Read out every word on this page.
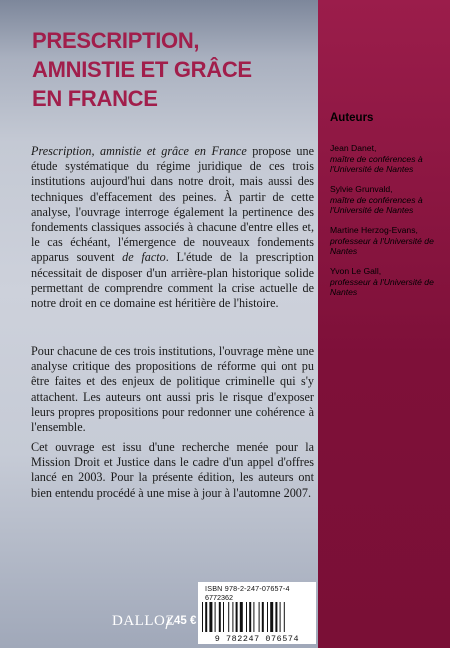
PRESCRIPTION,
AMNISTIE ET GRÂCE
EN FRANCE

Prescription, amnistie et grâce en France propose une étude systématique du régime juridique de ces trois institutions aujourd'hui dans notre droit, mais aussi des techniques d'effacement des peines. À partir de cette analyse, l'ouvrage interroge également la pertinence des fondements classiques associés à chacune d'entre elles et, le cas échéant, l'émergence de nouveaux fondements apparus souvent de facto. L'étude de la prescription nécessitait de disposer d'un arrière-plan historique solide permettant de comprendre comment la crise actuelle de notre droit en ce domaine est héritière de l'histoire.

Pour chacune de ces trois institutions, l'ouvrage mène une analyse critique des propositions de réforme qui ont pu être faites et des enjeux de politique criminelle qui s'y attachent. Les auteurs ont aussi pris le risque d'exposer leurs propres propositions pour redonner une cohérence à l'ensemble.

Cet ouvrage est issu d'une recherche menée pour la Mission Droit et Justice dans le cadre d'un appel d'offres lancé en 2003. Pour la présente édition, les auteurs ont bien entendu procédé à une mise à jour à l'automne 2007.

Auteurs
Jean Danet,
maître de conférences à l'Université de Nantes
Sylvie Grunvald,
maître de conférences à l'Université de Nantes
Martine Herzog-Evans,
professeur à l'Université de Nantes
Yvon Le Gall,
professeur à l'Université de Nantes
DALLOZ 45 €
ISBN 978-2-247-07657-4
6772362
9 782247 076574
